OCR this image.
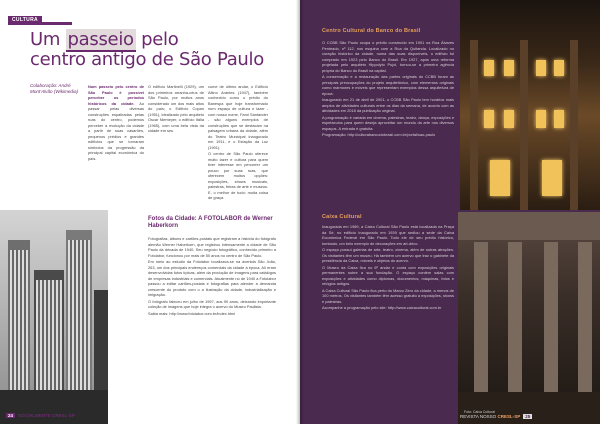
CULTURA
Um passeio pelo
centro antigo de São Paulo
Colaboração: André Mont'Alvão (Wikimedia)

Num passeio pelo centro de São Paulo é possível perceber os períodos históricos da cidade. Ao passar pelas diversas construções espalhadas pelas ruas do centro, podemos perceber a evolução da cidade a partir de suas casarões, pequenos prédios e grandes edifícios que se tornaram símbolos da progressão da principal capital econômica do país.

O edifício Martinelli (1929), um dos primeiros arranha-céus de São Paulo, por muitos anos considerado um dos mais altos do país; o Edifício Copan (1951), idealizado pelo arquiteto Oscar Niemeyer, o edifício Itália (1965), com uma bela vista da cidade em seu

cume de último andar, o Edifício Altino Arantes (1947), também conhecido como o prédio do Banespa que hoje transformado num espaço de cultura e lazer - com nosso nome, Farol Santander - são alguns exemplos de construções que se destacam na paisagem urbana da cidade, além do Teatro Municipal inaugurado em 1911, e o Estação da Luz (1901).

O centro de São Paulo oferece muito lazer e cultura para quem tiver interesse em percorrer um pouco por suas ruas, que oferecem muitos opções: exposições, shows musicais, palestras, feiras de arte e museus. E, o melhor de tudo: muita coisa de graça.

Fotos da Cidade: A FOTOLABOR de Werner Haberkorn

Fotografias, álbuns e cartões-postais que registram a história do fotógrafo alemão Werner Haberkorn, que registrou intensamente a cidade de São Paulo da década de 1940. Seu negócio fotográfico, conhecido primeiro a Fotolabor, funcionou por mais de 50 anos no centro de São Paulo.

Em meio ao estúdio da Fotolabor localizava-se na avenida São João, 263, um dos principais endereços comerciais da cidade à época. Alí eram desenvolvidas fotos típicas, além da produção de imagens para catálogos de empresas industriais e comerciais. Atualmente no de 1940 a Fotolabor passou a editar cartões-postais e fotografias para atender a demanda crescente do produto com o a ilustração da cidade, industrialização e imigração.

O fotógrafo faleceu em julho de 1997, aos 90 anos, deixando importante coleção de imagens que hoje integra o acervo do Museu Paulista.

Saiba mais: http://www.fotolabor.com.br/index.html

24 SOCIALMENTE CRESL-SP
Centro Cultural do Banco do Brasil

O CCBB São Paulo ocupa o prédio construído em 1901 na Rua Álvares Penteado, nº 112, nos esquina com a Rua da Quitanda. Localizado no coração histórico da cidade, numa das suas disponíveis, o edifício foi comprado em 1923 pelo Banco do Brasil. Em 1927, após uma reforma projetada pelo arquiteto Hippolyto Pujol, tornou-se a primeira agência própria do Banco do Brasil na capital.

A conservação e a restauração das partes originais do CCBB foram as principais preocupações do projeto arquitetônico, com elementos originais como mármores e móveis que representam exemplos dessa arquitetura de época.

Inaugurado em 21 de abril de 2001, o CCBB São Paulo tem horários mais amplos de atividades culturais entre os dias da semana, de acordo com as atividades em 2018 da publicação original.

A programação é variada em cinema, palestras, teatro, dança, exposições e espetáculos para quem deseja aproveitar um mundo da arte nos diversos espaços. A entrada é gratuita.

Programação: http://culturabancodobrasil.com.br/portal/sao-paulo

Caixa Cultural

Inaugurada em 1989, a Caixa Cultural São Paulo está localizada na Praça da Sé, no edifício inaugurado em 1939 que sediou a sede da Caixa Econômica Federal em São Paulo. Todo ele de seu prédio histórico, tombado, um belo exemplo de decorações em art-déco.

O espaço possui galerias de arte, teatro, cinema, além de outras atrações. Os visitantes têm um museu. Há também um acervo que traz o gabinete da presidência da Caixa, móveis e objetos do acervo.

O Museu da Caixa fica no 6º andar e conta com exposições originais permanentes sobre a sua fundação. O espaço contém salas com exposições e atividades como diplomas, documentos, máquinas, fotos e relógios antigos.

A Caixa Cultural São Paulo fica perto do Marco Zero da cidade, a menos de 100 metros. Os visitantes também têm acesso gratuito a exposições, shows e palestras.

Acompanhe a programação pelo site: http://www.caixacultural.com.br

Foto: Caixa Cultural
REVISTA NOSSO CRESL-SP 25
